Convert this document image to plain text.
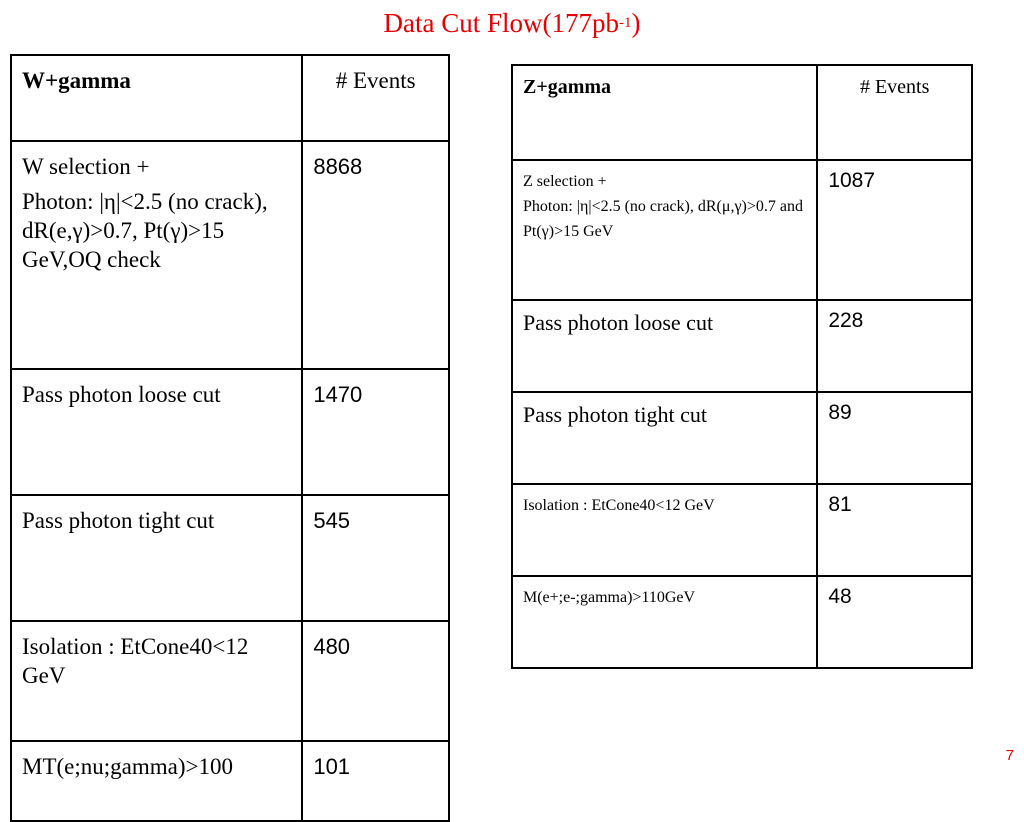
Data Cut $Flow(177pb^{-1})$
W+gamma	# Events

W selection +
Photon: |η|<2.5 (no crack), dR(e,γ)>0.7, Pt(γ)>15 GeV,OQ check	8868

Pass photon loose cut	1470

Pass photon tight cut	545

Isolation : EtCone40<12 GeV	480

MT(e;nu;gamma)>100	101
Z+gamma	# Events

Z selection +
Photon: |η|<2.5 (no crack), dR(μ,γ)>0.7 and Pt(γ)>15 GeV	1087

Pass photon loose cut	228

Pass photon tight cut	89

Isolation : EtCone40<12 GeV	81

M(e+;e-;gamma)>110GeV	48
7
